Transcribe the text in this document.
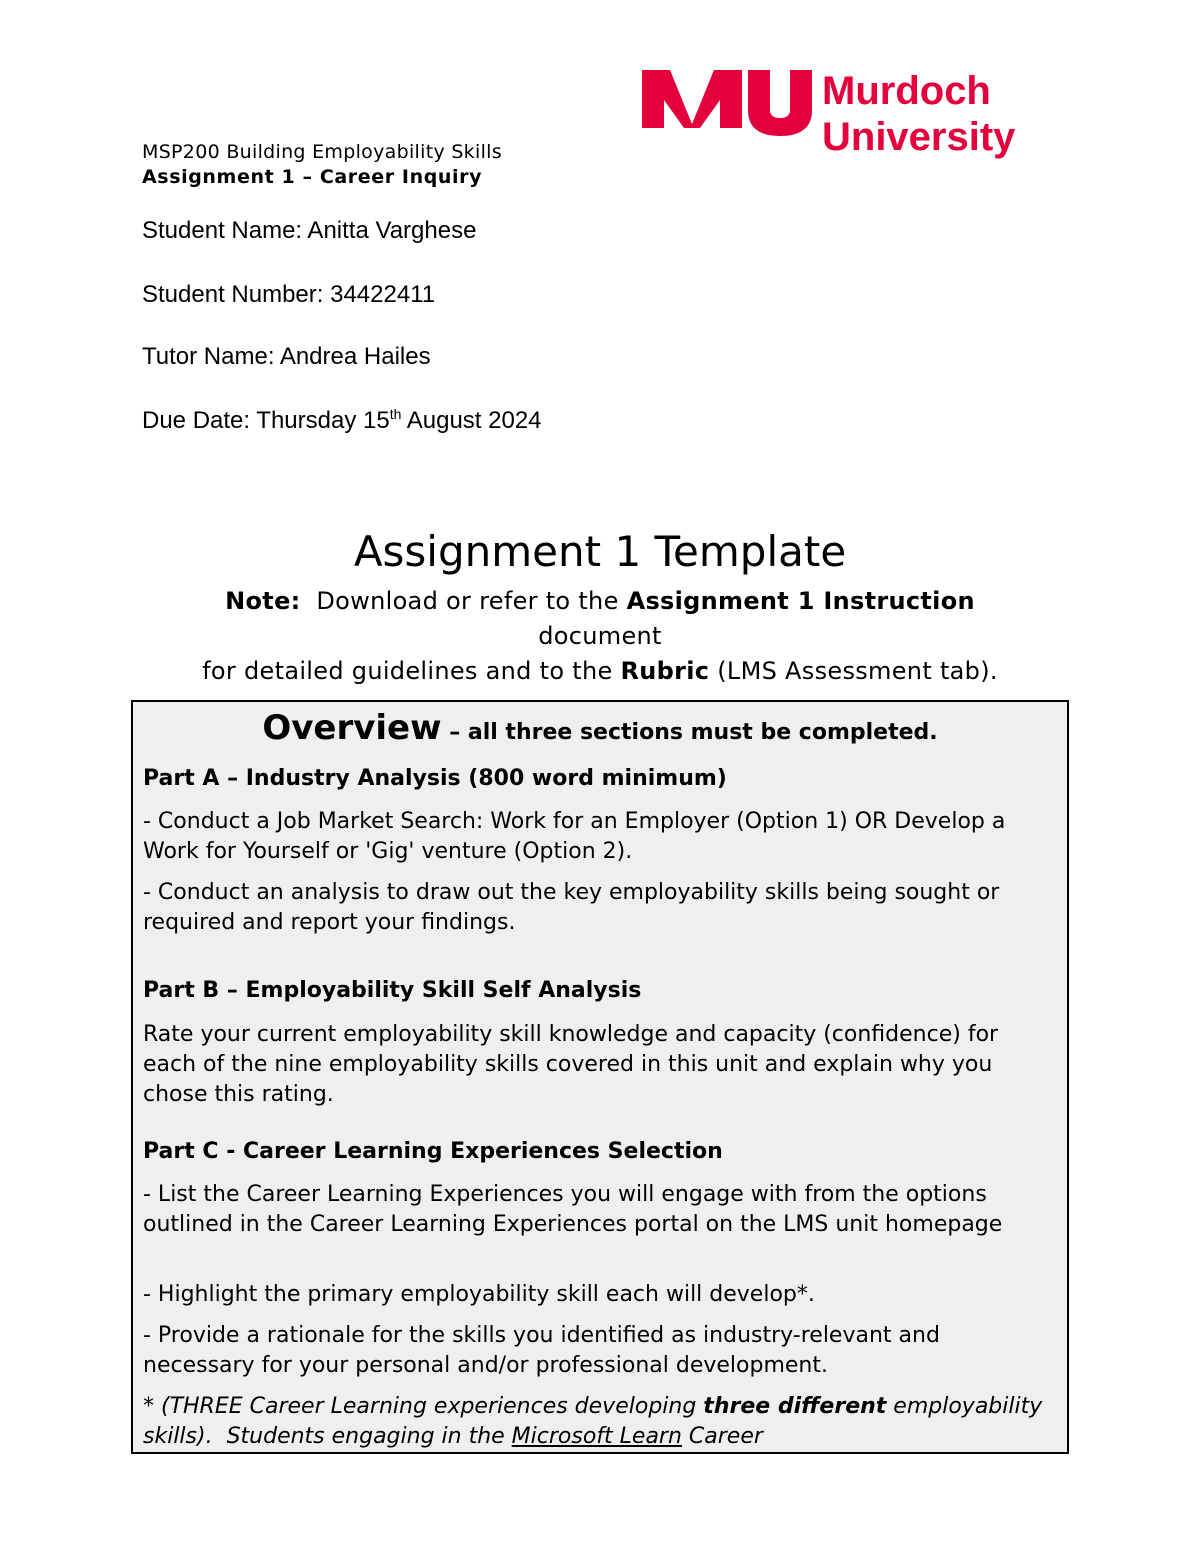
Murdoch
University
MSP200 Building Employability Skills
Assignment 1 – Career Inquiry
Student Name: Anitta Varghese
Student Number: 34422411
Tutor Name: Andrea Hailes
Due Date: Thursday 15th August 2024
Assignment 1 Template
Note:  Download or refer to the Assignment 1 Instruction
document
for detailed guidelines and to the Rubric (LMS Assessment tab).
Overview – all three sections must be completed.
Part A – Industry Analysis (800 word minimum)
- Conduct a Job Market Search: Work for an Employer (Option 1) OR Develop a Work for Yourself or 'Gig' venture (Option 2).
- Conduct an analysis to draw out the key employability skills being sought or required and report your findings.
Part B – Employability Skill Self Analysis
Rate your current employability skill knowledge and capacity (confidence) for each of the nine employability skills covered in this unit and explain why you chose this rating.
Part C - Career Learning Experiences Selection
- List the Career Learning Experiences you will engage with from the options outlined in the Career Learning Experiences portal on the LMS unit homepage
- Highlight the primary employability skill each will develop*.
- Provide a rationale for the skills you identified as industry-relevant and necessary for your personal and/or professional development.
* (THREE Career Learning experiences developing three different employability skills).  Students engaging in the Microsoft Learn Career
